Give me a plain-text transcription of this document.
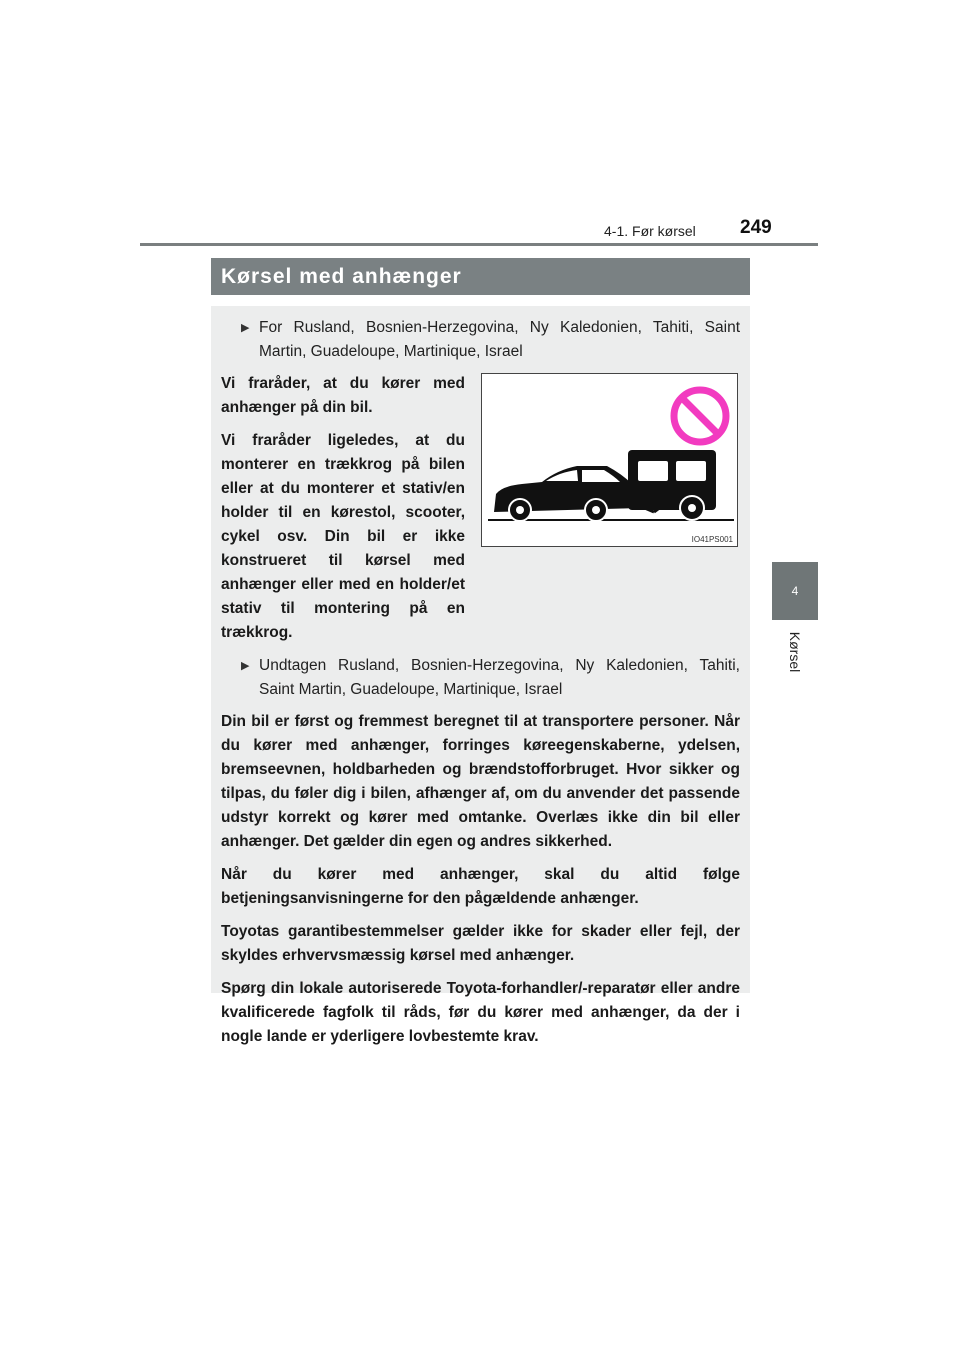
4-1. Før kørsel 249
4
Kørsel
Kørsel med anhænger
▶ For Rusland, Bosnien-Herzegovina, Ny Kaledonien, Tahiti, Saint Martin, Guadeloupe, Martinique, Israel

Vi fraråder, at du kører med anhænger på din bil.

Vi fraråder ligeledes, at du monterer en trækkrog på bilen eller at du monterer et stativ/en holder til en kørestol, scooter, cykel osv. Din bil er ikke konstrueret til kørsel med anhænger eller med en holder/et stativ til montering på en trækkrog.

▶ Undtagen Rusland, Bosnien-Herzegovina, Ny Kaledonien, Tahiti, Saint Martin, Guadeloupe, Martinique, Israel

Din bil er først og fremmest beregnet til at transportere personer. Når du kører med anhænger, forringes køreegenskaberne, ydelsen, bremseevnen, holdbarheden og brændstofforbruget. Hvor sikker og tilpas, du føler dig i bilen, afhænger af, om du anvender det passende udstyr korrekt og kører med omtanke. Overlæs ikke din bil eller anhænger. Det gælder din egen og andres sikkerhed.

Når du kører med anhænger, skal du altid følge betjeningsanvisningerne for den pågældende anhænger.

Toyotas garantibestemmelser gælder ikke for skader eller fejl, der skyldes erhvervsmæssig kørsel med anhænger.

Spørg din lokale autoriserede Toyota-forhandler/-reparatør eller andre kvalificerede fagfolk til råds, før du kører med anhænger, da der i nogle lande er yderligere lovbestemte krav.

IO41PS001
